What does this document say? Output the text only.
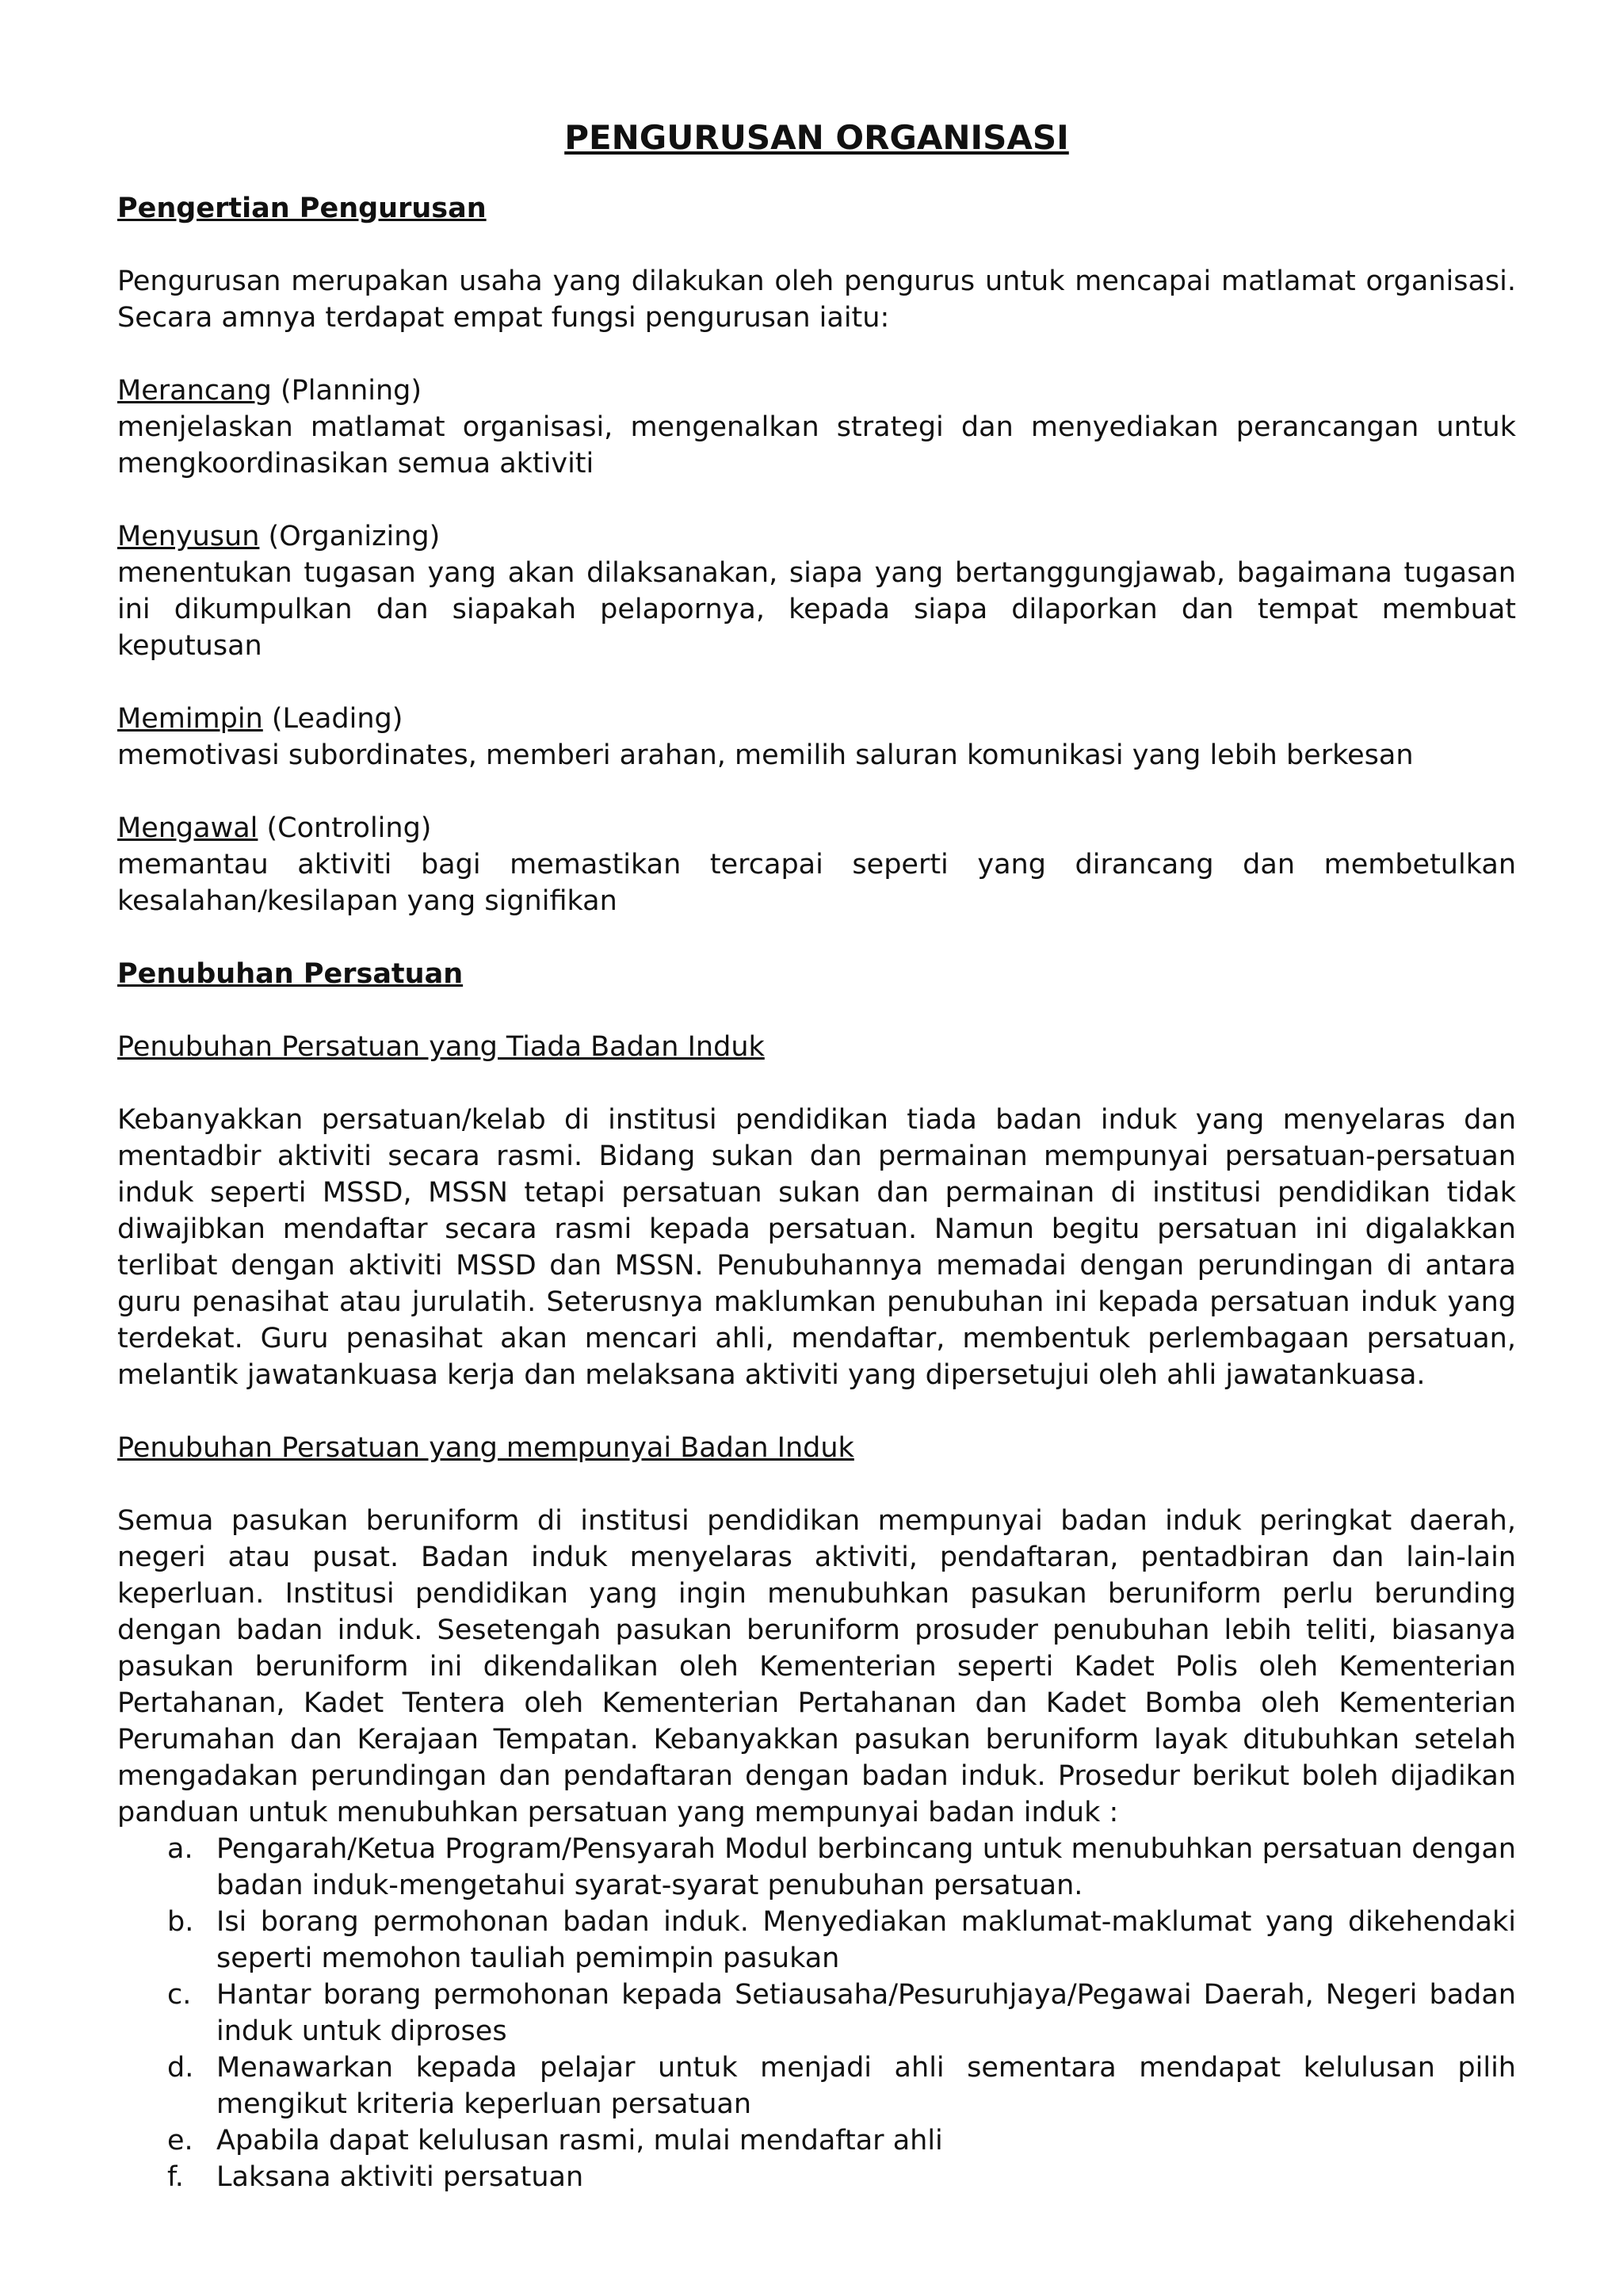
PENGURUSAN ORGANISASI
Pengertian Pengurusan
Pengurusan merupakan usaha yang dilakukan oleh pengurus untuk mencapai matlamat organisasi. Secara amnya terdapat empat fungsi pengurusan iaitu:
Merancang (Planning)
menjelaskan matlamat organisasi, mengenalkan strategi dan menyediakan perancangan untuk mengkoordinasikan semua aktiviti
Menyusun (Organizing)
menentukan tugasan yang akan dilaksanakan, siapa yang bertanggungjawab, bagaimana tugasan ini dikumpulkan dan siapakah pelapornya, kepada siapa dilaporkan dan tempat membuat keputusan
Memimpin (Leading)
memotivasi subordinates, memberi arahan, memilih saluran komunikasi yang lebih berkesan
Mengawal (Controling)
memantau aktiviti bagi memastikan tercapai seperti yang dirancang dan membetulkan kesalahan/kesilapan yang signifikan
Penubuhan Persatuan
Penubuhan Persatuan yang Tiada Badan Induk
Kebanyakkan persatuan/kelab di institusi pendidikan tiada badan induk yang menyelaras dan mentadbir aktiviti secara rasmi. Bidang sukan dan permainan mempunyai persatuan-persatuan induk seperti MSSD, MSSN tetapi persatuan sukan dan permainan di institusi pendidikan tidak diwajibkan mendaftar secara rasmi kepada persatuan. Namun begitu persatuan ini digalakkan terlibat dengan aktiviti MSSD dan MSSN. Penubuhannya memadai dengan perundingan di antara guru penasihat atau jurulatih. Seterusnya maklumkan penubuhan ini kepada persatuan induk yang terdekat. Guru penasihat akan mencari ahli, mendaftar, membentuk perlembagaan persatuan, melantik jawatankuasa kerja dan melaksana aktiviti yang dipersetujui oleh ahli jawatankuasa.
Penubuhan Persatuan yang mempunyai Badan Induk
Semua pasukan beruniform di institusi pendidikan mempunyai badan induk peringkat daerah, negeri atau pusat. Badan induk menyelaras aktiviti, pendaftaran, pentadbiran dan lain-lain keperluan. Institusi pendidikan yang ingin menubuhkan pasukan beruniform perlu berunding dengan badan induk. Sesetengah pasukan beruniform prosuder penubuhan lebih teliti, biasanya pasukan beruniform ini dikendalikan oleh Kementerian seperti Kadet Polis oleh Kementerian Pertahanan, Kadet Tentera oleh Kementerian Pertahanan dan Kadet Bomba oleh Kementerian Perumahan dan Kerajaan Tempatan. Kebanyakkan pasukan beruniform layak ditubuhkan setelah mengadakan perundingan dan pendaftaran dengan badan induk. Prosedur berikut boleh dijadikan panduan untuk menubuhkan persatuan yang mempunyai badan induk :
a. Pengarah/Ketua Program/Pensyarah Modul berbincang untuk menubuhkan persatuan dengan badan induk-mengetahui syarat-syarat penubuhan persatuan.
b. Isi borang permohonan badan induk. Menyediakan maklumat-maklumat yang dikehendaki seperti memohon tauliah pemimpin pasukan
c. Hantar borang permohonan kepada Setiausaha/Pesuruhjaya/Pegawai Daerah, Negeri badan induk untuk diproses
d. Menawarkan kepada pelajar untuk menjadi ahli sementara mendapat kelulusan pilih mengikut kriteria keperluan persatuan
e. Apabila dapat kelulusan rasmi, mulai mendaftar ahli
f. Laksana aktiviti persatuan
